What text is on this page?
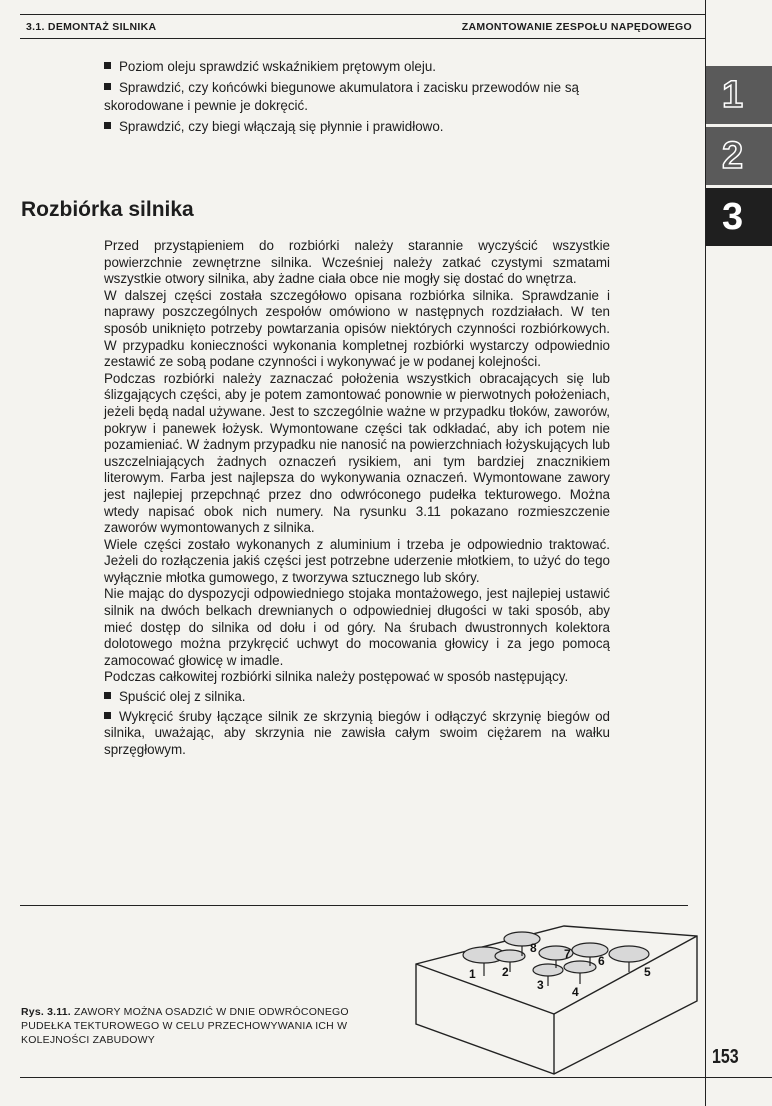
3.1. DEMONTAŻ SILNIKA	ZAMONTOWANIE ZESPOŁU NAPĘDOWEGO
1
2
3

Poziom oleju sprawdzić wskaźnikiem prętowym oleju.

Sprawdzić, czy końcówki biegunowe akumulatora i zacisku przewodów nie są skorodowane i pewnie je dokręcić.

Sprawdzić, czy biegi włączają się płynnie i prawidłowo.

Rozbiórka silnika

Przed przystąpieniem do rozbiórki należy starannie wyczyścić wszystkie powierzchnie zewnętrzne silnika. Wcześniej należy zatkać czystymi szmatami wszystkie otwory silnika, aby żadne ciała obce nie mogły się dostać do wnętrza.

W dalszej części została szczegółowo opisana rozbiórka silnika. Sprawdzanie i naprawy poszczególnych zespołów omówiono w następnych rozdziałach. W ten sposób uniknięto potrzeby powtarzania opisów niektórych czynności rozbiórkowych. W przypadku konieczności wykonania kompletnej rozbiórki wystarczy odpowiednio zestawić ze sobą podane czynności i wykonywać je w podanej kolejności.

Podczas rozbiórki należy zaznaczać położenia wszystkich obracających się lub ślizgających części, aby je potem zamontować ponownie w pierwotnych położeniach, jeżeli będą nadal używane. Jest to szczególnie ważne w przypadku tłoków, zaworów, pokryw i panewek łożysk. Wymontowane części tak odkładać, aby ich potem nie pozamieniać. W żadnym przypadku nie nanosić na powierzchniach łożyskujących lub uszczelniających żadnych oznaczeń rysikiem, ani tym bardziej znacznikiem literowym. Farba jest najlepsza do wykonywania oznaczeń. Wymontowane zawory jest najlepiej przepchnąć przez dno odwróconego pudełka tekturowego. Można wtedy napisać obok nich numery. Na rysunku 3.11 pokazano rozmieszczenie zaworów wymontowanych z silnika.

Wiele części zostało wykonanych z aluminium i trzeba je odpowiednio traktować. Jeżeli do rozłączenia jakiś części jest potrzebne uderzenie młotkiem, to użyć do tego wyłącznie młotka gumowego, z tworzywa sztucznego lub skóry.

Nie mając do dyspozycji odpowiedniego stojaka montażowego, jest najlepiej ustawić silnik na dwóch belkach drewnianych o odpowiedniej długości w taki sposób, aby mieć dostęp do silnika od dołu i od góry. Na śrubach dwustronnych kolektora dolotowego można przykręcić uchwyt do mocowania głowicy i za jego pomocą zamocować głowicę w imadle.

Podczas całkowitej rozbiórki silnika należy postępować w sposób następujący.

Spuścić olej z silnika.

Wykręcić śruby łączące silnik ze skrzynią biegów i odłączyć skrzynię biegów od silnika, uważając, aby skrzynia nie zawisła całym swoim ciężarem na wałku sprzęgłowym.

1 2
3 4
5
6
7
8
Rys. 3.11. ZAWORY MOŻNA OSADZIĆ W DNIE ODWRÓCONEGO PUDEŁKA TEKTUROWEGO W CELU PRZECHOWYWANIA ICH W KOLEJNOŚCI ZABUDOWY
153
